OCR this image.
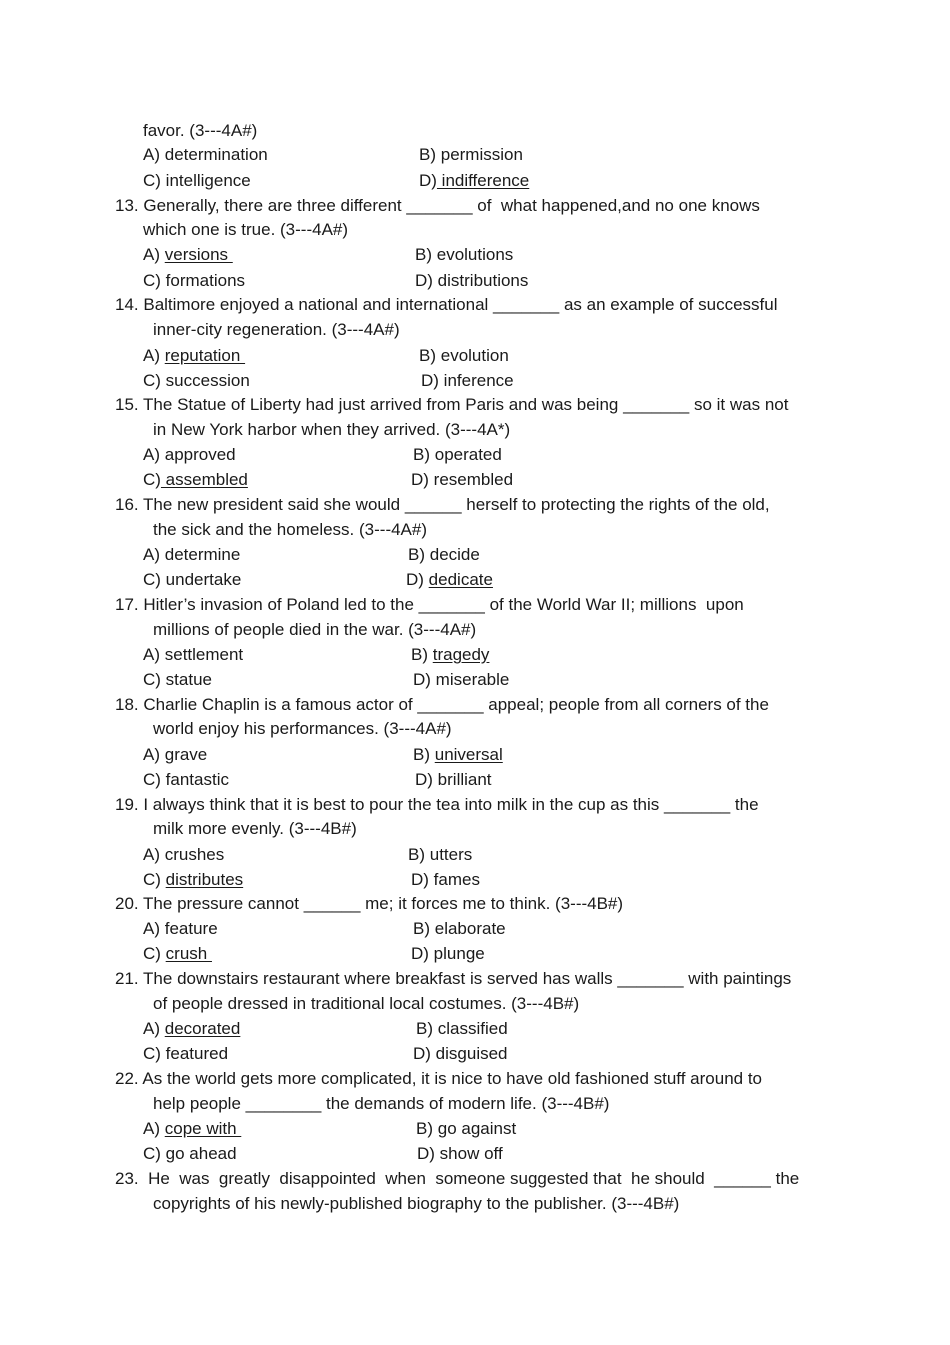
favor. (3---4A#)
A) determination	B) permission
C) intelligence	D) indifference
13. Generally, there are three different _______ of  what happened,and no one knows
which one is true. (3---4A#)
A) versions	B) evolutions
C) formations	D) distributions
14. Baltimore enjoyed a national and international _______ as an example of successful
inner-city regeneration. (3---4A#)
A) reputation	B) evolution
C) succession	D) inference
15. The Statue of Liberty had just arrived from Paris and was being _______ so it was not
in New York harbor when they arrived. (3---4A*)
A) approved	B) operated
C) assembled	D) resembled
16. The new president said she would ______ herself to protecting the rights of the old,
the sick and the homeless. (3---4A#)
A) determine	B) decide
C) undertake	D) dedicate
17. Hitler’s invasion of Poland led to the _______ of the World War II; millions  upon
millions of people died in the war. (3---4A#)
A) settlement	B) tragedy
C) statue	D) miserable
18. Charlie Chaplin is a famous actor of _______ appeal; people from all corners of the
world enjoy his performances. (3---4A#)
A) grave	B) universal
C) fantastic	D) brilliant
19. I always think that it is best to pour the tea into milk in the cup as this _______ the
milk more evenly. (3---4B#)
A) crushes	B) utters
C) distributes	D) fames
20. The pressure cannot ______ me; it forces me to think. (3---4B#)
A) feature	B) elaborate
C) crush	D) plunge
21. The downstairs restaurant where breakfast is served has walls _______ with paintings
of people dressed in traditional local costumes. (3---4B#)
A) decorated	B) classified
C) featured	D) disguised
22. As the world gets more complicated, it is nice to have old fashioned stuff around to
help people ________ the demands of modern life. (3---4B#)
A) cope with	B) go against
C) go ahead	D) show off
23.  He  was  greatly  disappointed  when  someone suggested that  he should  ______ the
copyrights of his newly-published biography to the publisher. (3---4B#)
